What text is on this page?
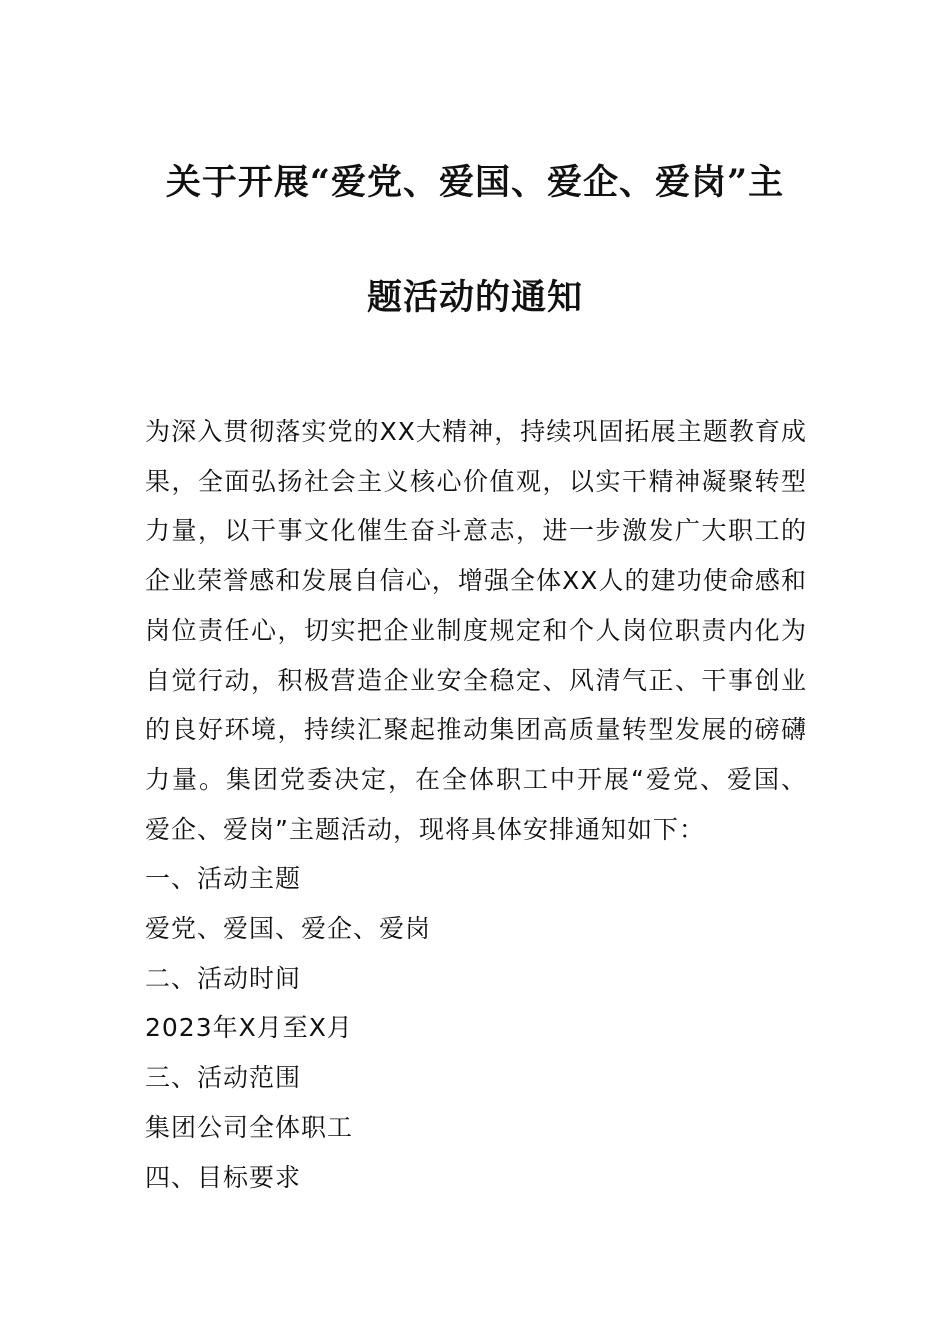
关于开展“爱党、爱国、爱企、爱岗”主
题活动的通知

为深入贯彻落实党的XX大精神，持续巩固拓展主题教育成果，全面弘扬社会主义核心价值观，以实干精神凝聚转型力量，以干事文化催生奋斗意志，进一步激发广大职工的企业荣誉感和发展自信心，增强全体XX人的建功使命感和岗位责任心，切实把企业制度规定和个人岗位职责内化为自觉行动，积极营造企业安全稳定、风清气正、干事创业的良好环境，持续汇聚起推动集团高质量转型发展的磅礴力量。集团党委决定，在全体职工中开展“爱党、爱国、爱企、爱岗”主题活动，现将具体安排通知如下：

一、活动主题

爱党、爱国、爱企、爱岗

二、活动时间

2023年X月至X月

三、活动范围

集团公司全体职工

四、目标要求
